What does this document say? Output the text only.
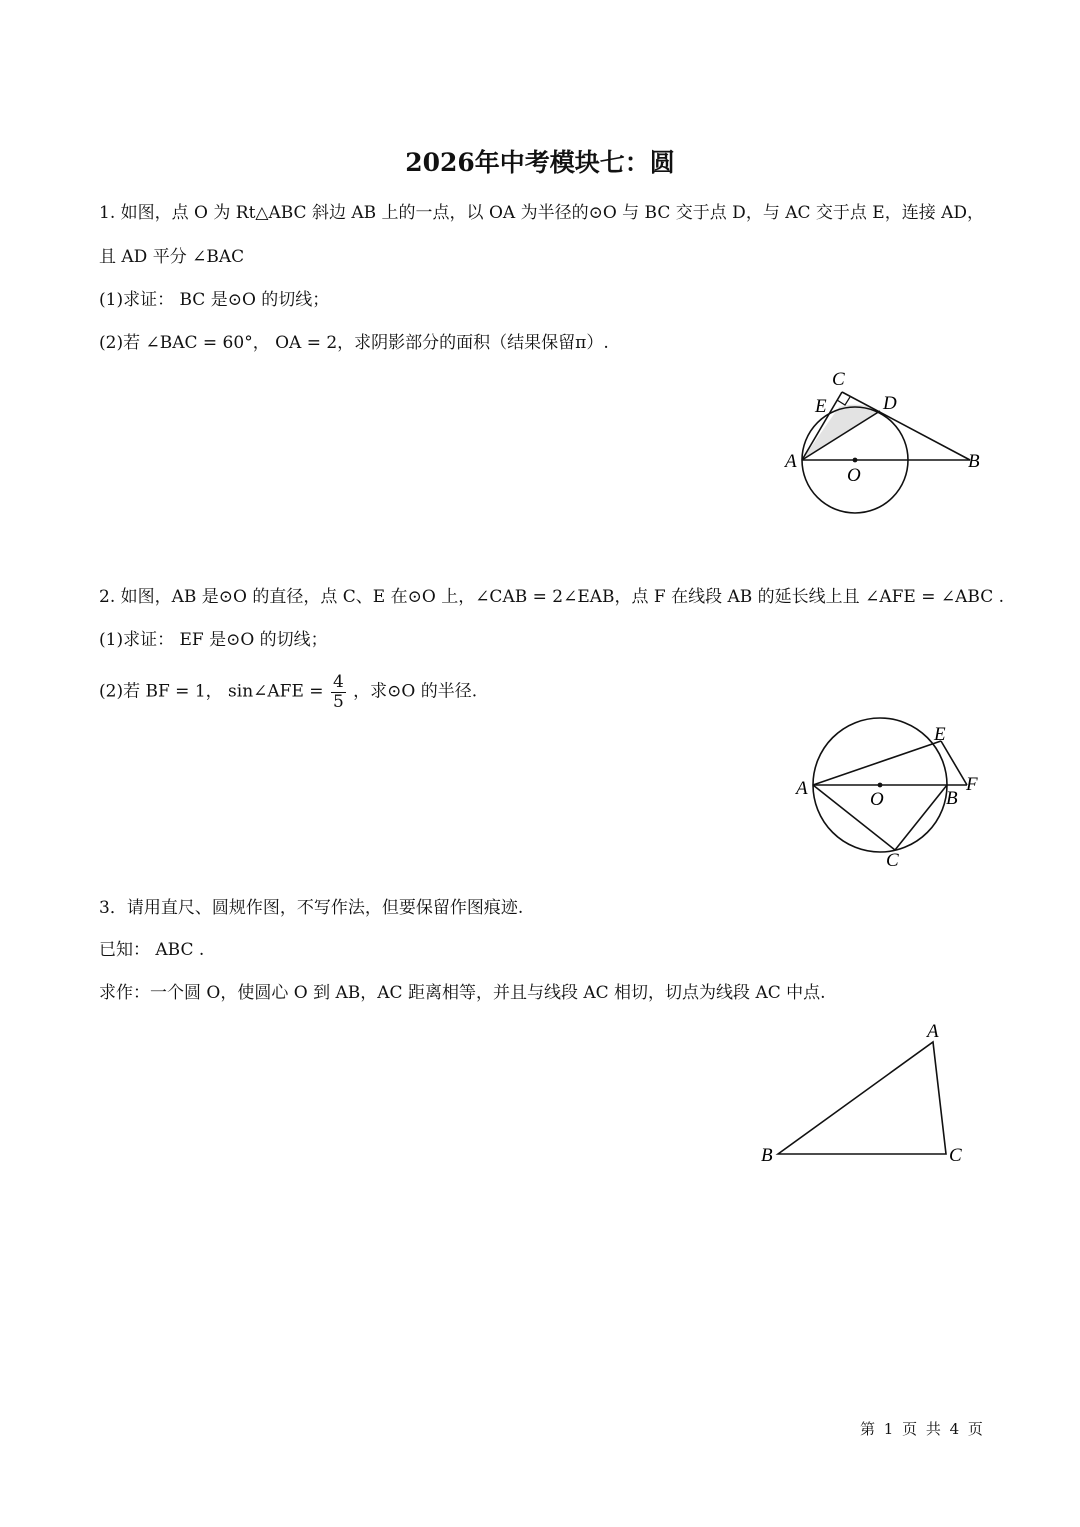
2026年中考模块七：圆
1. 如图，点 O 为 Rt△ABC 斜边 AB 上的一点，以 OA 为半径的⊙O 与 BC 交于点 D，与 AC 交于点 E，连接 AD，
且 AD 平分 ∠BAC
(1)求证： BC 是⊙O 的切线；
(2)若 ∠BAC = 60°， OA = 2，求阴影部分的面积（结果保留π）.
A	B
C
D
E
O
2. 如图，AB 是⊙O 的直径，点 C、E 在⊙O 上，∠CAB = 2∠EAB，点 F 在线段 AB 的延长线上且 ∠AFE = ∠ABC .
(1)求证： EF 是⊙O 的切线；
(2)若 BF = 1， sin∠AFE = $\frac{4}{5}$ ，求⊙O 的半径.
A	B
C
E
F
O
3．请用直尺、圆规作图，不写作法，但要保留作图痕迹.
已知： ABC .
求作：一个圆 O，使圆心 O 到 AB，AC 距离相等，并且与线段 AC 相切，切点为线段 AC 中点.
A
B	C
第 1 页 共 4 页
